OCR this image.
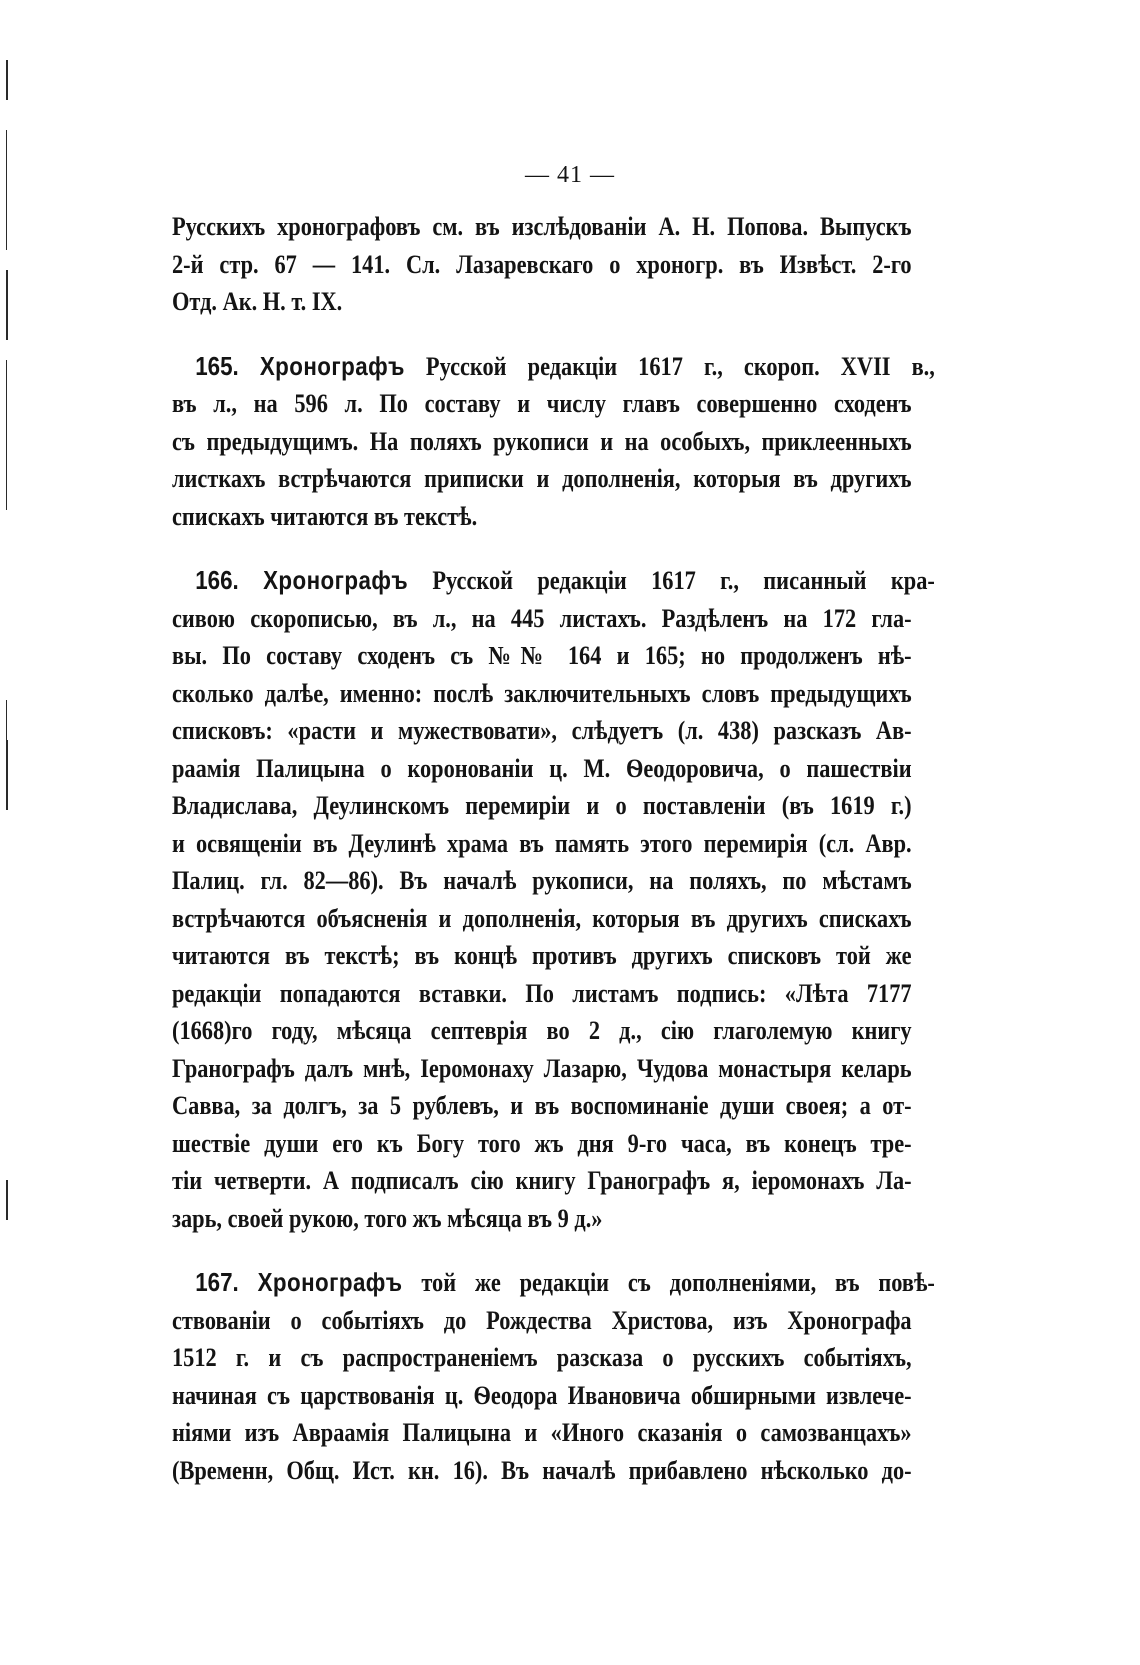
— 41 —
Русскихъ хронографовъ см. въ изслѣдованіи А. Н. Попова. Выпускъ
2-й стр. 67 — 141. Сл. Лазаревскаго о хроногр. въ Извѣст. 2-го
Отд. Ак. Н. т. IX.
165. Хронографъ Русской редакціи 1617 г., скороп. XVII в.,
въ л., на 596 л. По составу и числу главъ совершенно сходенъ
съ предыдущимъ. На поляхъ рукописи и на особыхъ, приклеенныхъ
листкахъ встрѣчаются приписки и дополненія, которыя въ другихъ
спискахъ читаются въ текстѣ.
166. Хронографъ Русской редакціи 1617 г., писанный кра-
сивою скорописью, въ л., на 445 листахъ. Раздѣленъ на 172 гла-
вы. По составу сходенъ съ №№ 164 и 165; но продолженъ нѣ-
сколько далѣе, именно: послѣ заключительныхъ словъ предыдущихъ
списковъ: «расти и мужествовати», слѣдуетъ (л. 438) разсказъ Ав-
раамія Палицына о коронованіи ц. М. Ѳеодоровича, о пашествіи
Владислава, Деулинскомъ перемиріи и о поставленіи (въ 1619 г.)
и освященіи въ Деулинѣ храма въ память этого перемирія (сл. Авр.
Палиц. гл. 82—86). Въ началѣ рукописи, на поляхъ, по мѣстамъ
встрѣчаются объясненія и дополненія, которыя въ другихъ спискахъ
читаются въ текстѣ; въ концѣ противъ другихъ списковъ той же
редакціи попадаются вставки. По листамъ подпись: «Лѣта 7177
(1668)го году, мѣсяца септеврія во 2 д., сію глаголемую книгу
Гранографъ далъ мнѣ, Іеромонаху Лазарю, Чудова монастыря келарь
Савва, за долгъ, за 5 рублевъ, и въ воспоминаніе души своея; а от-
шествіе души его къ Богу того жъ дня 9-го часа, въ конецъ тре-
тіи четверти. А подписалъ сію книгу Гранографъ я, іеромонахъ Ла-
зарь, своей рукою, того жъ мѣсяца въ 9 д.»
167. Хронографъ той же редакціи съ дополненіями, въ повѣ-
ствованіи о событіяхъ до Рождества Христова, изъ Хронографа
1512 г. и съ распространеніемъ разсказа о русскихъ событіяхъ,
начиная съ царствованія ц. Ѳеодора Ивановича обширными извлече-
ніями изъ Авраамія Палицына и «Иного сказанія о самозванцахъ»
(Временн, Общ. Ист. кн. 16). Въ началѣ прибавлено нѣсколько до-
